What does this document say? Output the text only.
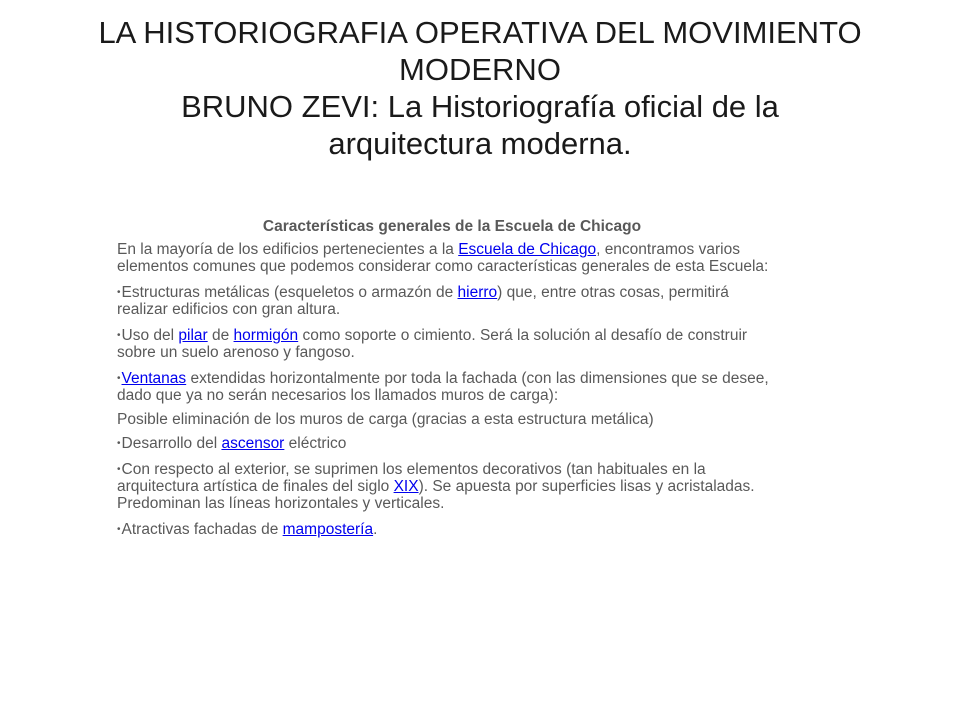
LA HISTORIOGRAFIA OPERATIVA DEL MOVIMIENTO
MODERNO
BRUNO ZEVI: La Historiografía oficial de la
arquitectura moderna.
Características generales de la Escuela de Chicago

En la mayoría de los edificios pertenecientes a la Escuela de Chicago, encontramos varios elementos comunes que podemos considerar como características generales de esta Escuela:

•Estructuras metálicas (esqueletos o armazón de hierro) que, entre otras cosas, permitirá realizar edificios con gran altura.

•Uso del pilar de hormigón como soporte o cimiento. Será la solución al desafío de construir sobre un suelo arenoso y fangoso.

•Ventanas extendidas horizontalmente por toda la fachada (con las dimensiones que se desee, dado que ya no serán necesarios los llamados muros de carga):

Posible eliminación de los muros de carga (gracias a esta estructura metálica)

•Desarrollo del ascensor eléctrico

•Con respecto al exterior, se suprimen los elementos decorativos (tan habituales en la arquitectura artística de finales del siglo XIX). Se apuesta por superficies lisas y acristaladas. Predominan las líneas horizontales y verticales.

•Atractivas fachadas de mampostería.
